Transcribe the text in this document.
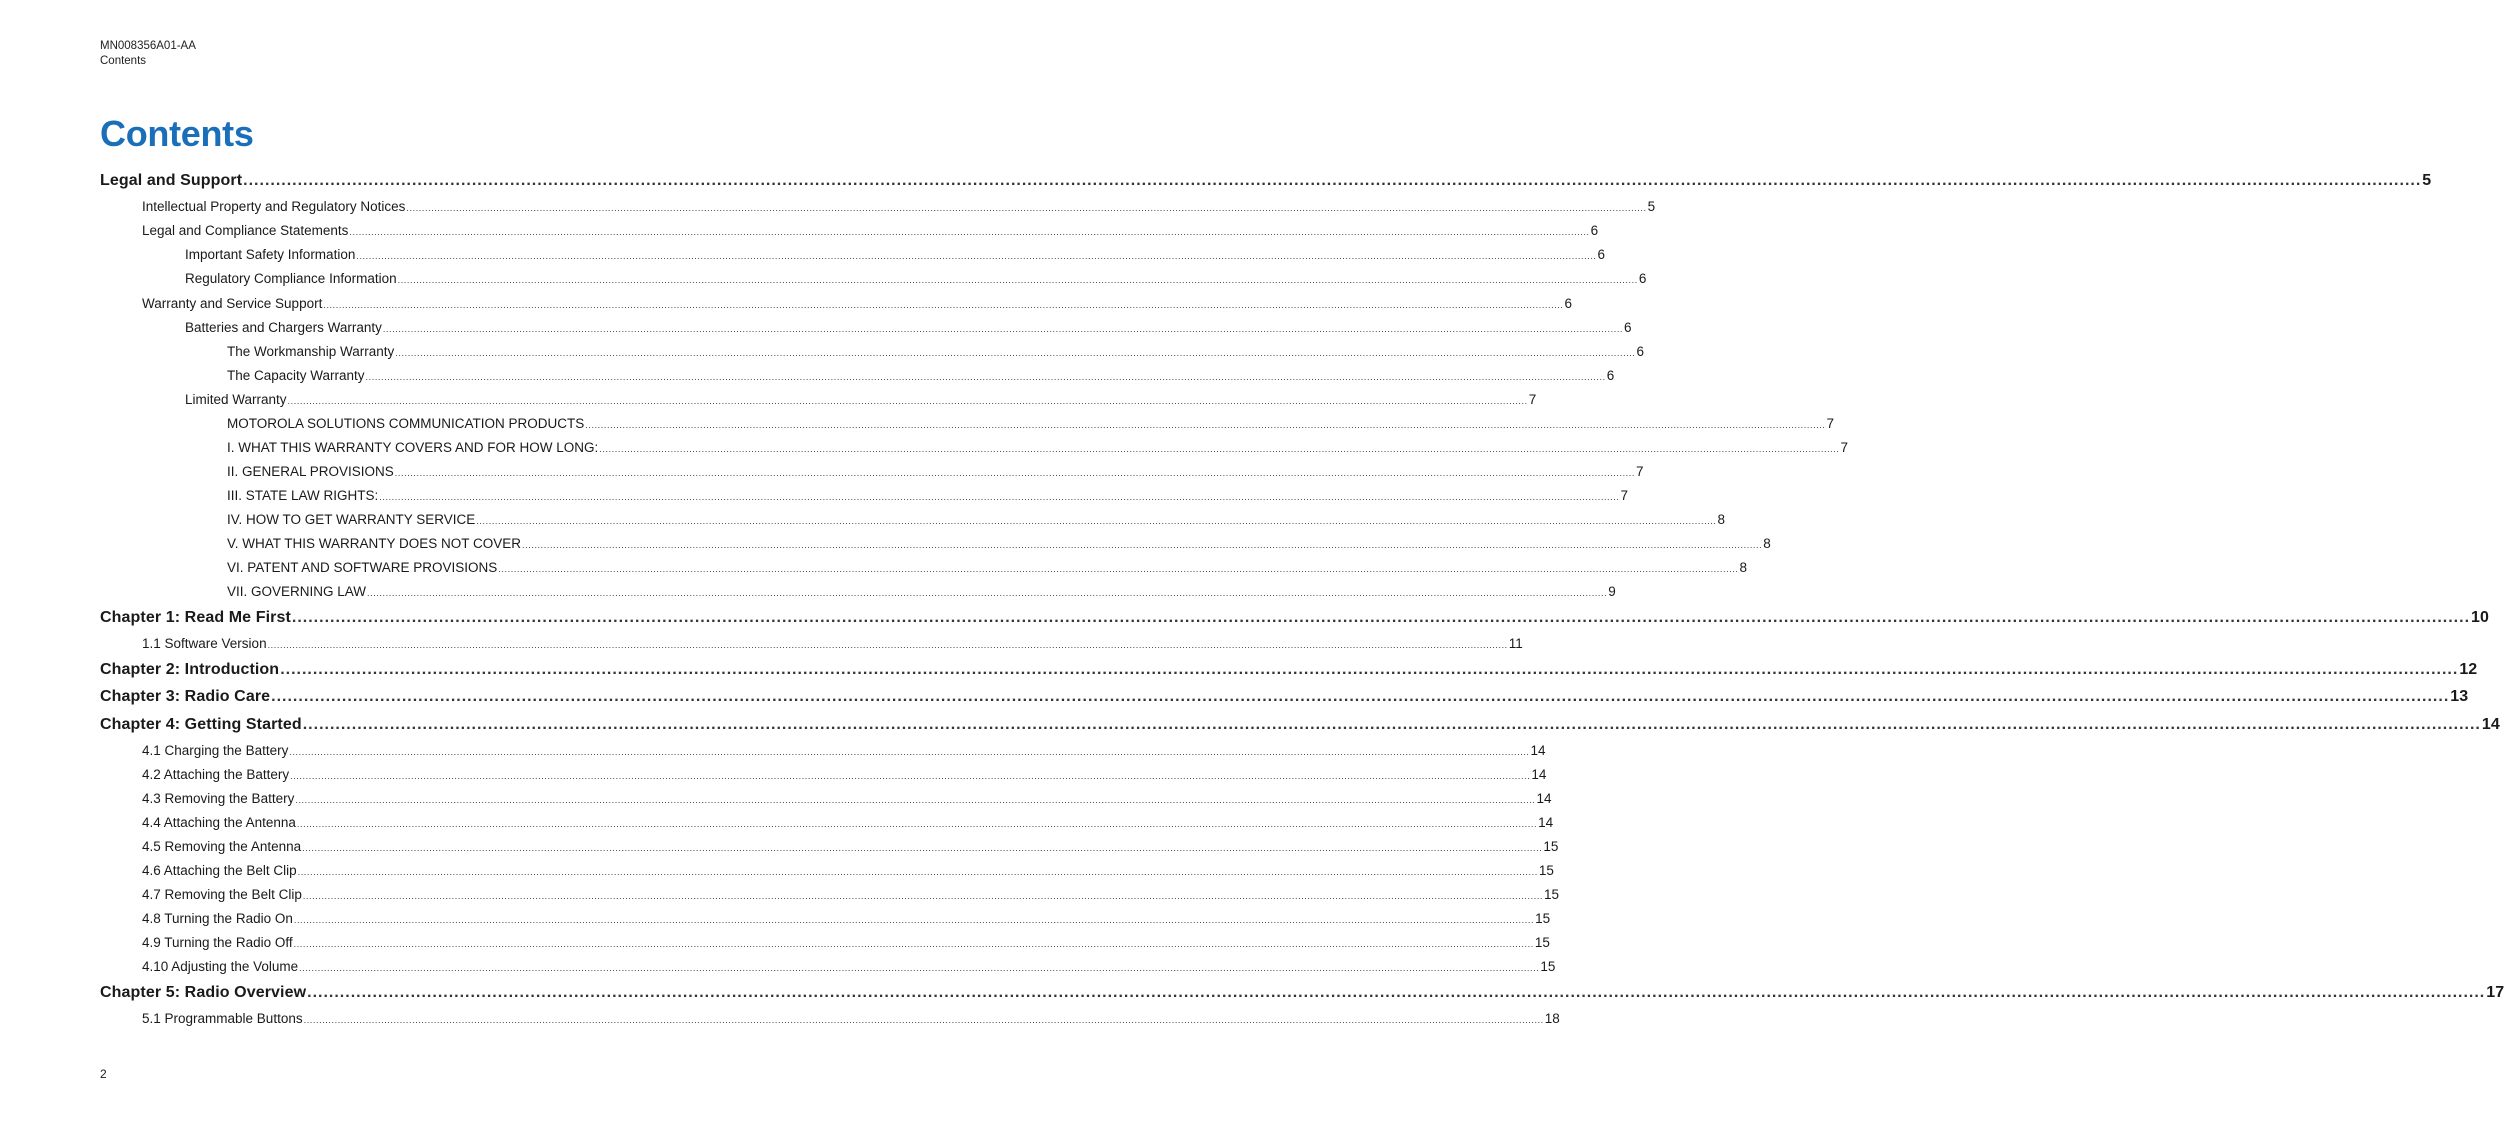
MN008356A01-AA
Contents
Contents
Legal and Support ................................................................................................................................................................................................................................................................................................................................................................................................................ 5
Intellectual Property and Regulatory Notices ................................................................................................................................................................................................................................................................................................................................................................................................................ 5
Legal and Compliance Statements ................................................................................................................................................................................................................................................................................................................................................................................................................ 6
Important Safety Information ................................................................................................................................................................................................................................................................................................................................................................................................................ 6
Regulatory Compliance Information ................................................................................................................................................................................................................................................................................................................................................................................................................ 6
Warranty and Service Support ................................................................................................................................................................................................................................................................................................................................................................................................................ 6
Batteries and Chargers Warranty ................................................................................................................................................................................................................................................................................................................................................................................................................ 6
The Workmanship Warranty ................................................................................................................................................................................................................................................................................................................................................................................................................ 6
The Capacity Warranty ................................................................................................................................................................................................................................................................................................................................................................................................................ 6
Limited Warranty ................................................................................................................................................................................................................................................................................................................................................................................................................ 7
MOTOROLA SOLUTIONS COMMUNICATION PRODUCTS ................................................................................................................................................................................................................................................................................................................................................................................................................ 7
I. WHAT THIS WARRANTY COVERS AND FOR HOW LONG: ................................................................................................................................................................................................................................................................................................................................................................................................................ 7
II. GENERAL PROVISIONS ................................................................................................................................................................................................................................................................................................................................................................................................................ 7
III. STATE LAW RIGHTS: ................................................................................................................................................................................................................................................................................................................................................................................................................ 7
IV. HOW TO GET WARRANTY SERVICE ................................................................................................................................................................................................................................................................................................................................................................................................................ 8
V. WHAT THIS WARRANTY DOES NOT COVER ................................................................................................................................................................................................................................................................................................................................................................................................................ 8
VI. PATENT AND SOFTWARE PROVISIONS ................................................................................................................................................................................................................................................................................................................................................................................................................ 8
VII. GOVERNING LAW ................................................................................................................................................................................................................................................................................................................................................................................................................ 9
Chapter 1: Read Me First ................................................................................................................................................................................................................................................................................................................................................................................................................ 10
1.1 Software Version ................................................................................................................................................................................................................................................................................................................................................................................................................ 11
Chapter 2: Introduction ................................................................................................................................................................................................................................................................................................................................................................................................................ 12
Chapter 3: Radio Care ................................................................................................................................................................................................................................................................................................................................................................................................................ 13
Chapter 4: Getting Started ................................................................................................................................................................................................................................................................................................................................................................................................................ 14
4.1 Charging the Battery ................................................................................................................................................................................................................................................................................................................................................................................................................ 14
4.2 Attaching the Battery ................................................................................................................................................................................................................................................................................................................................................................................................................ 14
4.3 Removing the Battery ................................................................................................................................................................................................................................................................................................................................................................................................................ 14
4.4 Attaching the Antenna ................................................................................................................................................................................................................................................................................................................................................................................................................ 14
4.5 Removing the Antenna ................................................................................................................................................................................................................................................................................................................................................................................................................ 15
4.6 Attaching the Belt Clip ................................................................................................................................................................................................................................................................................................................................................................................................................ 15
4.7 Removing the Belt Clip ................................................................................................................................................................................................................................................................................................................................................................................................................ 15
4.8 Turning the Radio On ................................................................................................................................................................................................................................................................................................................................................................................................................ 15
4.9 Turning the Radio Off ................................................................................................................................................................................................................................................................................................................................................................................................................ 15
4.10 Adjusting the Volume ................................................................................................................................................................................................................................................................................................................................................................................................................ 15
Chapter 5: Radio Overview ................................................................................................................................................................................................................................................................................................................................................................................................................ 17
5.1 Programmable Buttons ................................................................................................................................................................................................................................................................................................................................................................................................................ 18
2
